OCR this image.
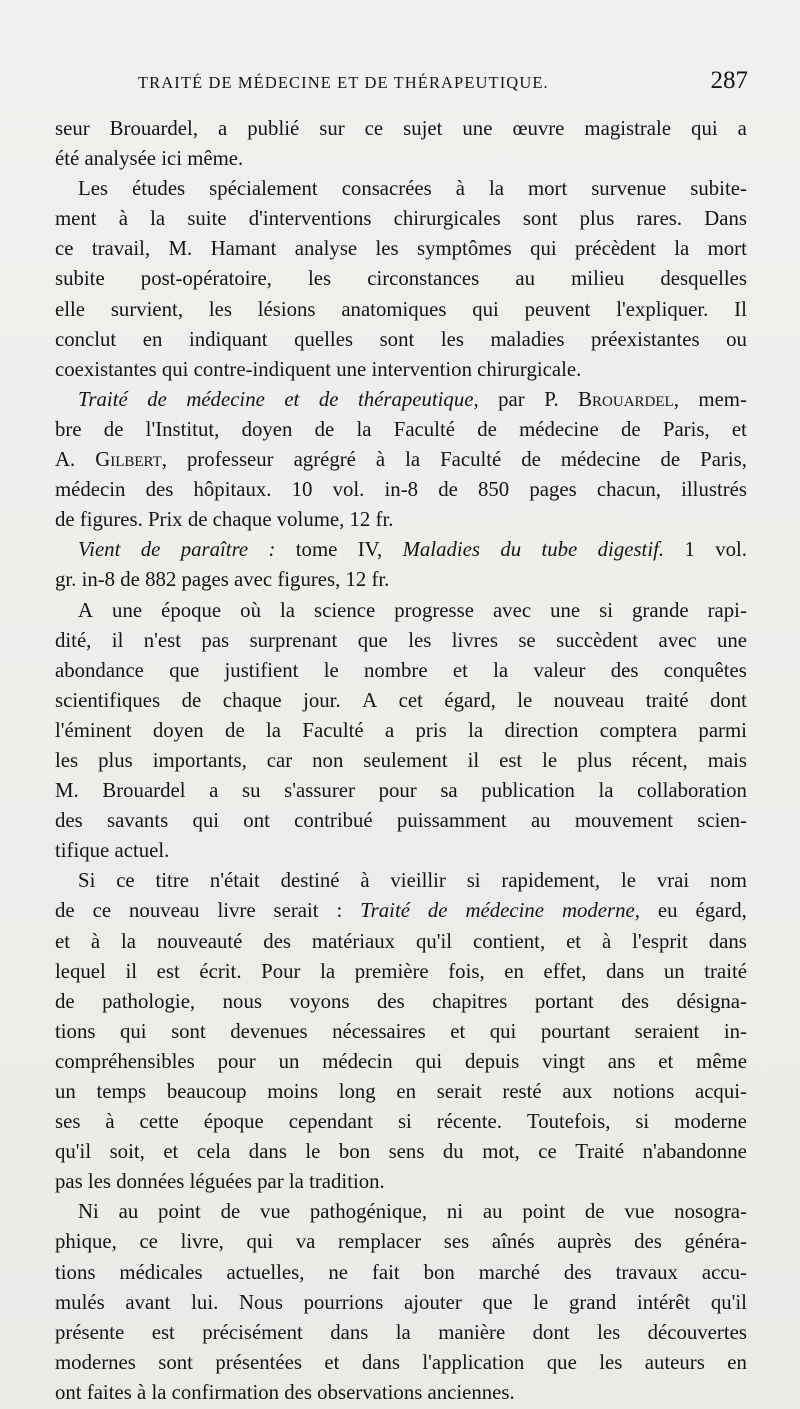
TRAITÉ DE MÉDECINE ET DE THÉRAPEUTIQUE.	287
seur Brouardel, a publié sur ce sujet une œuvre magistrale qui a
été analysée ici même.
Les études spécialement consacrées à la mort survenue subite-
ment à la suite d'interventions chirurgicales sont plus rares. Dans
ce travail, M. Hamant analyse les symptômes qui précèdent la mort
subite post-opératoire, les circonstances au milieu desquelles
elle survient, les lésions anatomiques qui peuvent l'expliquer. Il
conclut en indiquant quelles sont les maladies préexistantes ou
coexistantes qui contre-indiquent une intervention chirurgicale.
Traité de médecine et de thérapeutique, par P. Brouardel, mem-
bre de l'Institut, doyen de la Faculté de médecine de Paris, et
A. Gilbert, professeur agrégré à la Faculté de médecine de Paris,
médecin des hôpitaux. 10 vol. in-8 de 850 pages chacun, illustrés
de figures. Prix de chaque volume, 12 fr.
Vient de paraître : tome IV, Maladies du tube digestif. 1 vol.
gr. in-8 de 882 pages avec figures, 12 fr.
A une époque où la science progresse avec une si grande rapi-
dité, il n'est pas surprenant que les livres se succèdent avec une
abondance que justifient le nombre et la valeur des conquêtes
scientifiques de chaque jour. A cet égard, le nouveau traité dont
l'éminent doyen de la Faculté a pris la direction comptera parmi
les plus importants, car non seulement il est le plus récent, mais
M. Brouardel a su s'assurer pour sa publication la collaboration
des savants qui ont contribué puissamment au mouvement scien-
tifique actuel.
Si ce titre n'était destiné à vieillir si rapidement, le vrai nom
de ce nouveau livre serait : Traité de médecine moderne, eu égard,
et à la nouveauté des matériaux qu'il contient, et à l'esprit dans
lequel il est écrit. Pour la première fois, en effet, dans un traité
de pathologie, nous voyons des chapitres portant des désigna-
tions qui sont devenues nécessaires et qui pourtant seraient in-
compréhensibles pour un médecin qui depuis vingt ans et même
un temps beaucoup moins long en serait resté aux notions acqui-
ses à cette époque cependant si récente. Toutefois, si moderne
qu'il soit, et cela dans le bon sens du mot, ce Traité n'abandonne
pas les données léguées par la tradition.
Ni au point de vue pathogénique, ni au point de vue nosogra-
phique, ce livre, qui va remplacer ses aînés auprès des généra-
tions médicales actuelles, ne fait bon marché des travaux accu-
mulés avant lui. Nous pourrions ajouter que le grand intérêt qu'il
présente est précisément dans la manière dont les découvertes
modernes sont présentées et dans l'application que les auteurs en
ont faites à la confirmation des observations anciennes.
